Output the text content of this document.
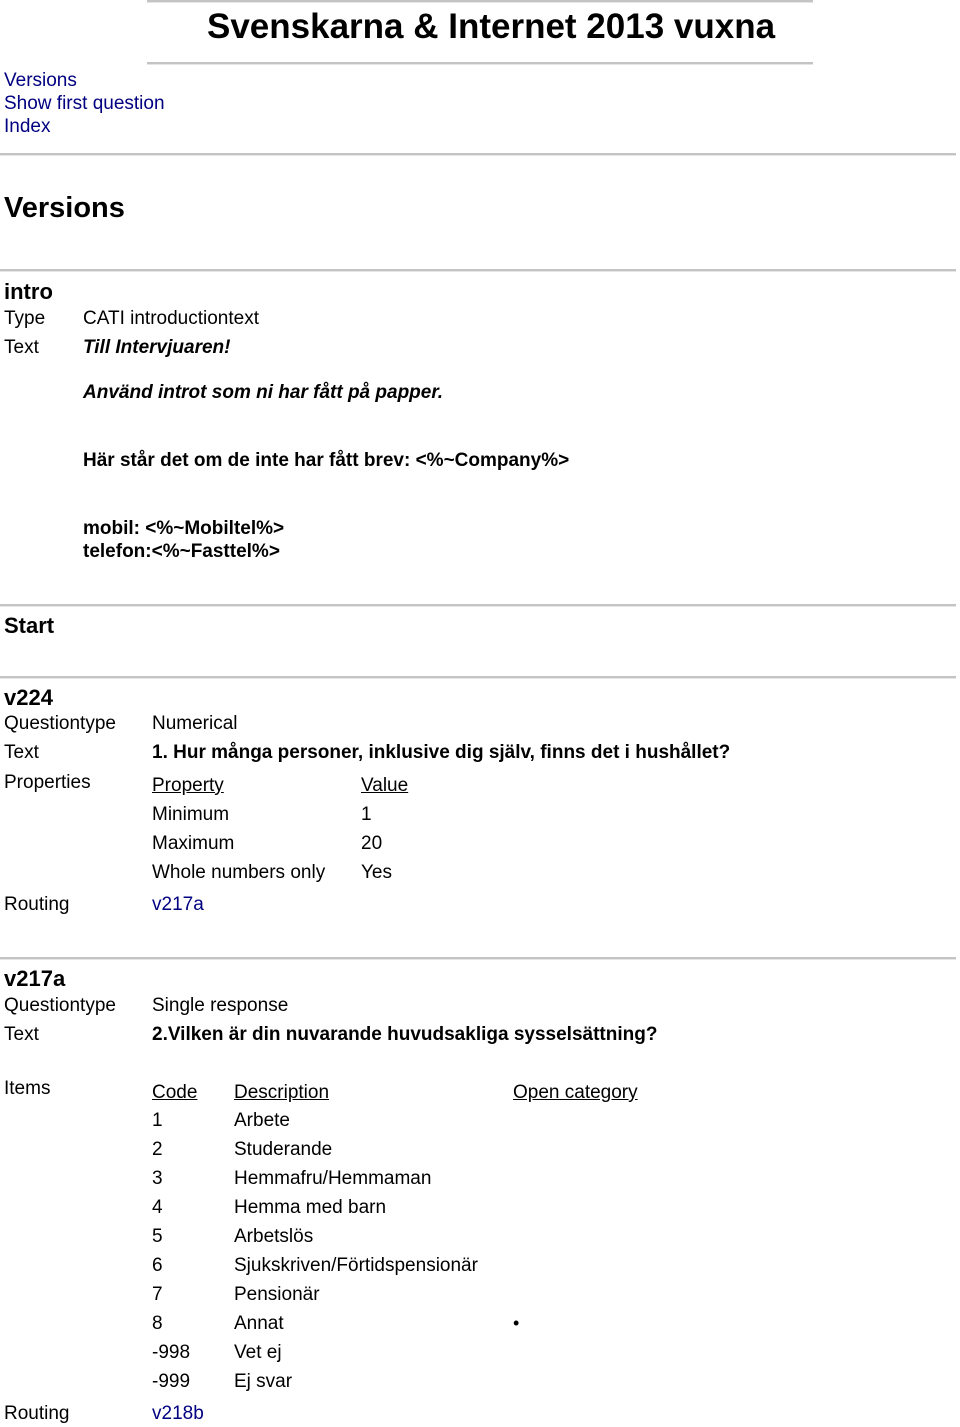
Svenskarna & Internet 2013 vuxna
Versions
Show first question
Index
Versions
intro
Type CATI introductiontext
Text Till Intervjuaren!
Använd introt som ni har fått på papper.
Här står det om de inte har fått brev: <%~Company%>
mobil: <%~Mobiltel%>
telefon:<%~Fasttel%>
Start
v224
Questiontype Numerical
Text	1. Hur många personer, inklusive dig själv, finns det i hushållet?
Properties	Property	Value
Minimum	1
Maximum	20
Whole numbers only Yes
Routing	v217a
v217a
Questiontype Single response
Text	2.Vilken är din nuvarande huvudsakliga sysselsättning?
Items	Code Description	Open category
1	Arbete
2	Studerande
3	Hemmafru/Hemmaman
4	Hemma med barn
5	Arbetslös
6	Sjukskriven/Förtidspensionär
7	Pensionär
8	Annat	•
-998 Vet ej
-999 Ej svar
Routing	v218b
